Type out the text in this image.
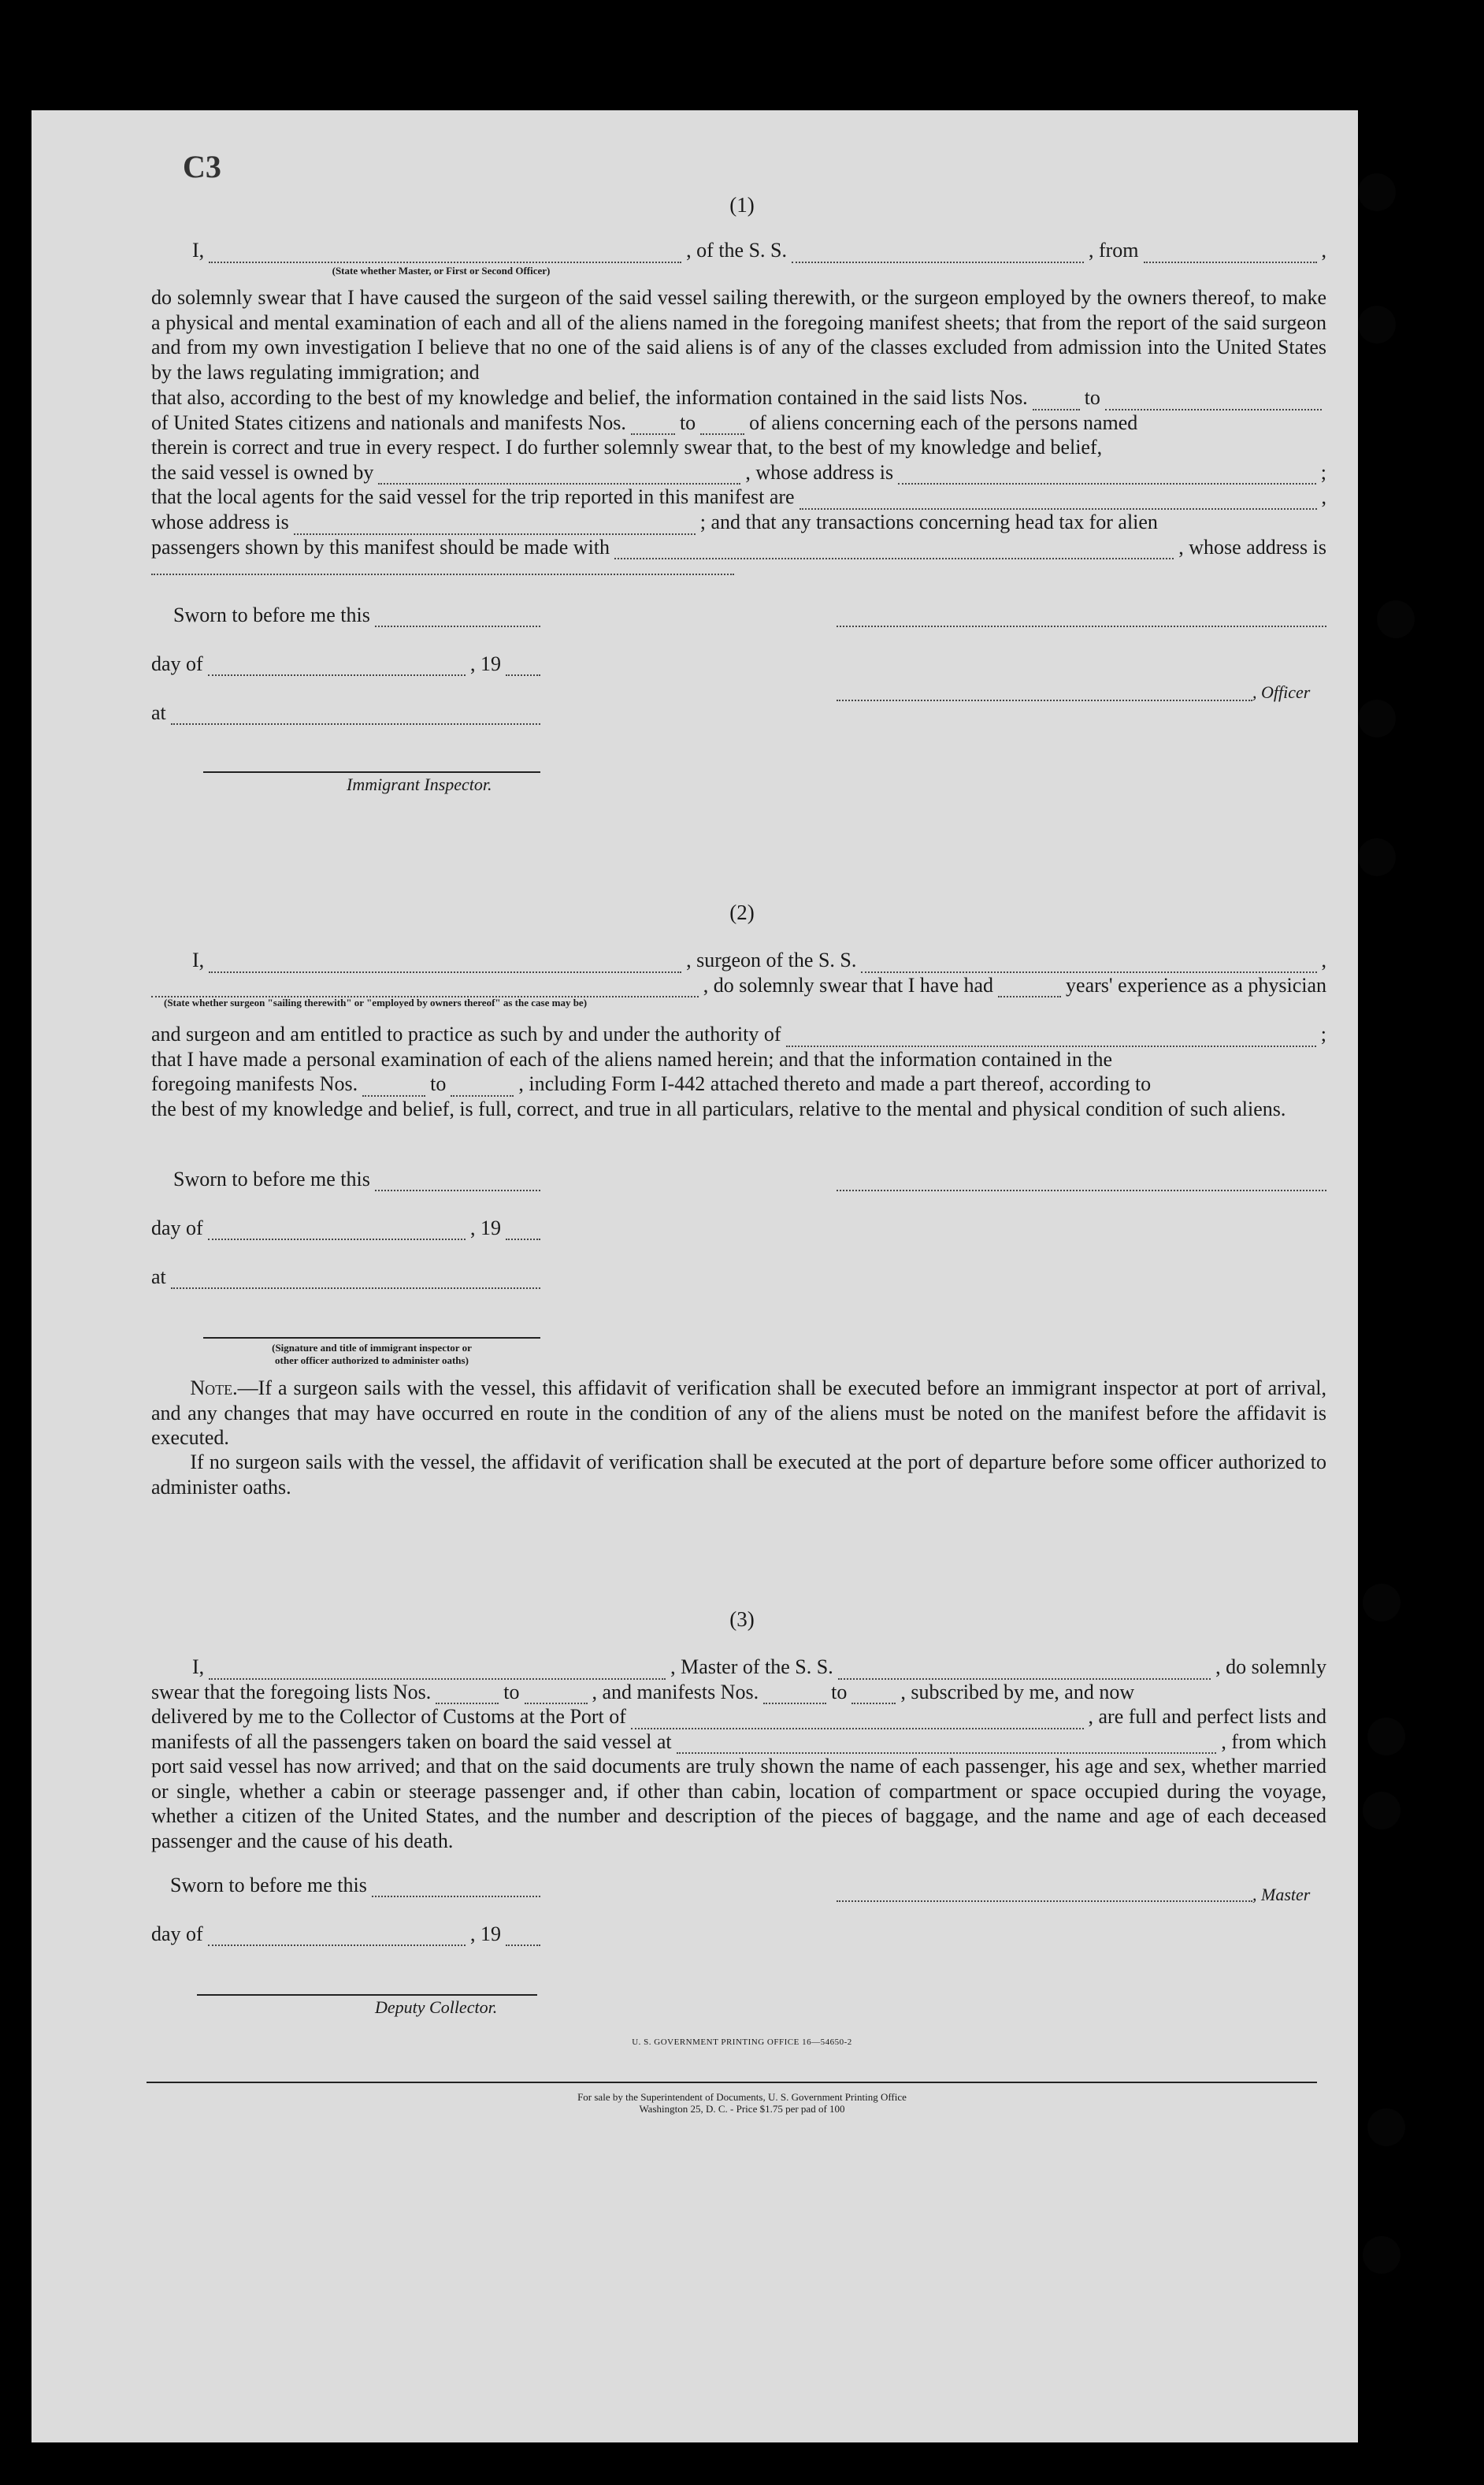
C3
(1)
I,	, of the S. S.	, from	,
(State whether Master, or First or Second Officer)

do solemnly swear that I have caused the surgeon of the said vessel sailing therewith, or the surgeon employed by the owners thereof, to make a physical and mental examination of each and all of the aliens named in the foregoing manifest sheets; that from the report of the said surgeon and from my own investigation I believe that no one of the said aliens is of any of the classes excluded from admission into the United States by the laws regulating immigration; and

that also, according to the best of my knowledge and belief, the information contained in the said lists Nos.	to
of United States citizens and nationals and manifests Nos.	to	of aliens concerning each of the persons named
therein is correct and true in every respect. I do further solemnly swear that, to the best of my knowledge and belief,
the said vessel is owned by	, whose address is	;
that the local agents for the said vessel for the trip reported in this manifest are	,
whose address is	; and that any transactions concerning head tax for alien
passengers shown by this manifest should be made with	, whose address is
Sworn to before me this
day of	, 19
at
Immigrant Inspector.
, Officer
(2)
I,	, surgeon of the S. S.	,
, do solemnly swear that I have had	years' experience as a physician
(State whether surgeon "sailing therewith" or "employed by owners thereof" as the case may be)
and surgeon and am entitled to practice as such by and under the authority of	;
that I have made a personal examination of each of the aliens named herein; and that the information contained in the
foregoing manifests Nos.	to	, including Form I-442 attached thereto and made a part thereof, according to

the best of my knowledge and belief, is full, correct, and true in all particulars, relative to the mental and physical condition of such aliens.

Sworn to before me this
day of	, 19
at
(Signature and title of immigrant inspector or
other officer authorized to administer oaths)

Note.—If a surgeon sails with the vessel, this affidavit of verification shall be executed before an immigrant inspector at port of arrival, and any changes that may have occurred en route in the condition of any of the aliens must be noted on the manifest before the affidavit is executed.

If no surgeon sails with the vessel, the affidavit of verification shall be executed at the port of departure before some officer authorized to administer oaths.

(3)
I,	, Master of the S. S.	, do solemnly
swear that the foregoing lists Nos.	to	, and manifests Nos.	to	, subscribed by me, and now
delivered by me to the Collector of Customs at the Port of	, are full and perfect lists and
manifests of all the passengers taken on board the said vessel at	, from which

port said vessel has now arrived; and that on the said documents are truly shown the name of each passenger, his age and sex, whether married or single, whether a cabin or steerage passenger and, if other than cabin, location of compartment or space occupied during the voyage, whether a citizen of the United States, and the number and description of the pieces of baggage, and the name and age of each deceased passenger and the cause of his death.

Sworn to before me this
day of	, 19
Deputy Collector.
, Master
U. S. GOVERNMENT PRINTING OFFICE 16—54650-2
For sale by the Superintendent of Documents, U. S. Government Printing Office
Washington 25, D. C. - Price $1.75 per pad of 100
